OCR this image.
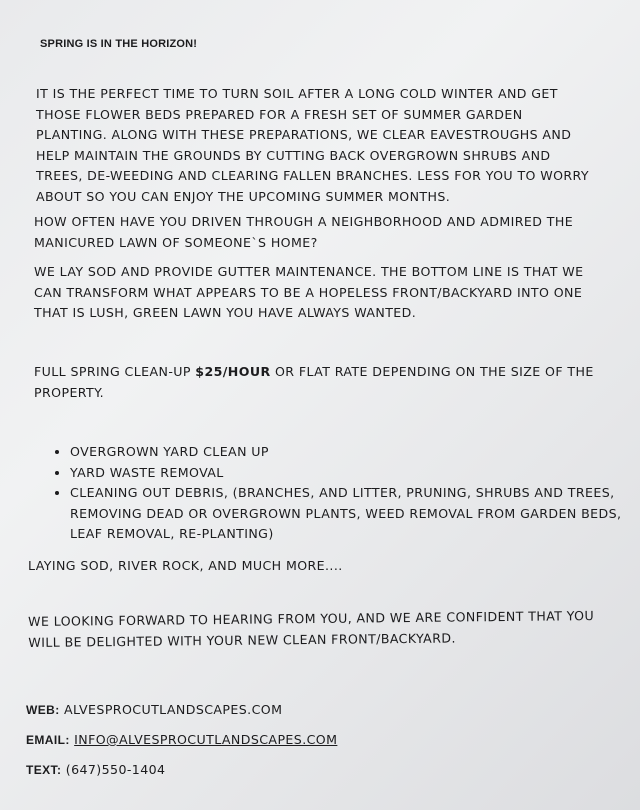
SPRING IS IN THE HORIZON!
IT IS THE PERFECT TIME TO TURN SOIL AFTER A LONG COLD WINTER AND GET THOSE FLOWER BEDS PREPARED FOR A FRESH SET OF SUMMER GARDEN PLANTING. ALONG WITH THESE PREPARATIONS, WE CLEAR EAVESTROUGHS AND HELP MAINTAIN THE GROUNDS BY CUTTING BACK OVERGROWN SHRUBS AND TREES, DE-WEEDING AND CLEARING FALLEN BRANCHES. LESS FOR YOU TO WORRY ABOUT SO YOU CAN ENJOY THE UPCOMING SUMMER MONTHS.
HOW OFTEN HAVE YOU DRIVEN THROUGH A NEIGHBORHOOD AND ADMIRED THE MANICURED LAWN OF SOMEONE`S HOME?
WE LAY SOD AND PROVIDE GUTTER MAINTENANCE. THE BOTTOM LINE IS THAT WE CAN TRANSFORM WHAT APPEARS TO BE A HOPELESS FRONT/BACKYARD INTO ONE THAT IS LUSH, GREEN LAWN YOU HAVE ALWAYS WANTED.
FULL SPRING CLEAN-UP $25/HOUR OR FLAT RATE DEPENDING ON THE SIZE OF THE PROPERTY.
• OVERGROWN YARD CLEAN UP
• YARD WASTE REMOVAL
• CLEANING OUT DEBRIS, (BRANCHES, AND LITTER, PRUNING, SHRUBS AND TREES, REMOVING DEAD OR OVERGROWN PLANTS, WEED REMOVAL FROM GARDEN BEDS, LEAF REMOVAL, RE-PLANTING)
LAYING SOD, RIVER ROCK, AND MUCH MORE....
WE LOOKING FORWARD TO HEARING FROM YOU, AND WE ARE CONFIDENT THAT YOU WILL BE DELIGHTED WITH YOUR NEW CLEAN FRONT/BACKYARD.
WEB: ALVESPROCUTLANDSCAPES.COM
EMAIL: INFO@ALVESPROCUTLANDSCAPES.COM
TEXT: (647)550-1404
